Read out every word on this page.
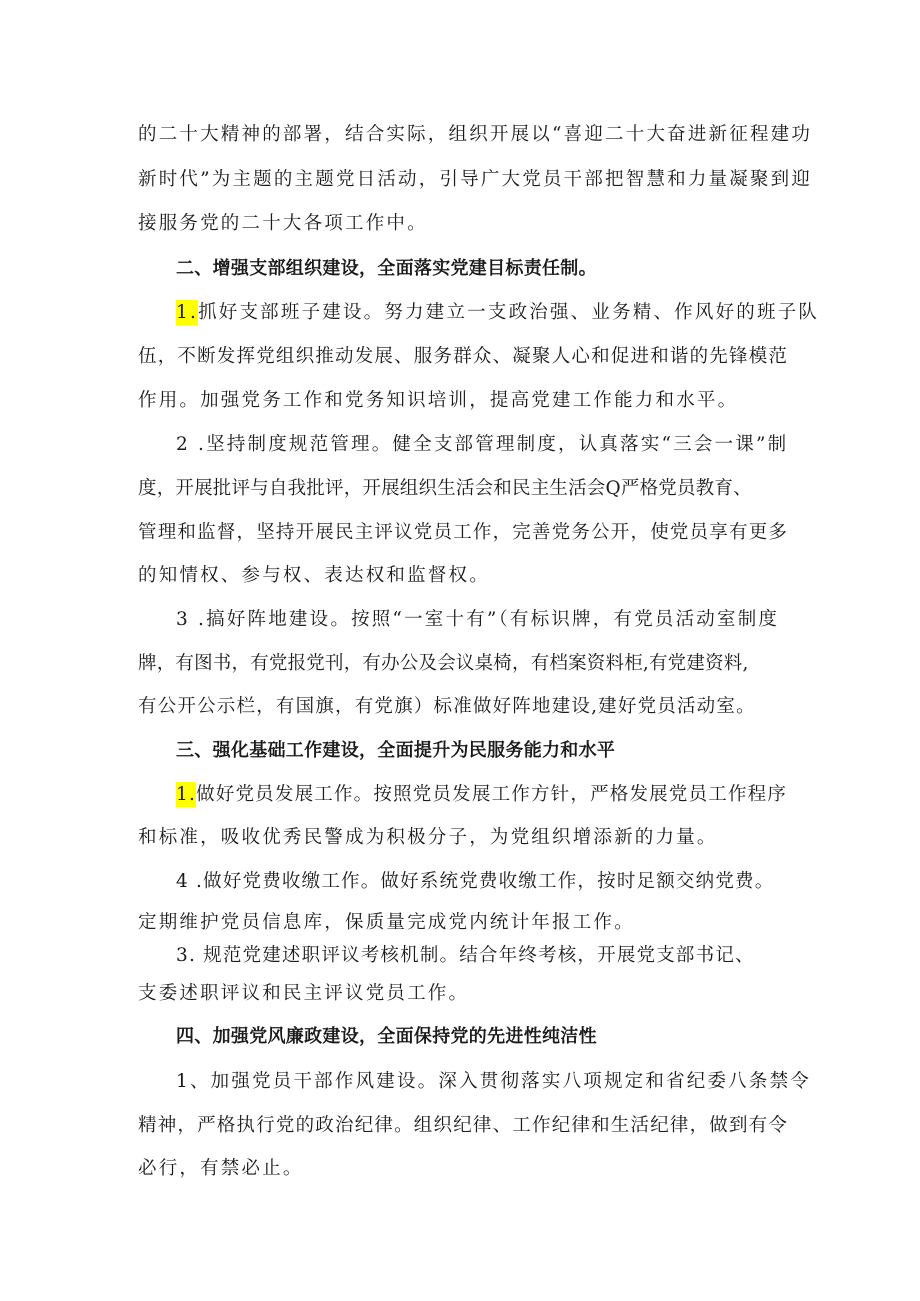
的二十大精神的部署，结合实际，组织开展以“喜迎二十大奋进新征程建功

新时代”为主题的主题党日活动，引导广大党员干部把智慧和力量凝聚到迎

接服务党的二十大各项工作中。

二、增强支部组织建设，全面落实党建目标责任制。

1.抓好支部班子建设。努力建立一支政治强、业务精、作风好的班子队

伍，不断发挥党组织推动发展、服务群众、凝聚人心和促进和谐的先锋模范

作用。加强党务工作和党务知识培训，提高党建工作能力和水平。

2 .坚持制度规范管理。健全支部管理制度，认真落实“三会一课”制

度，开展批评与自我批评，开展组织生活会和民主生活会Q严格党员教育、

管理和监督，坚持开展民主评议党员工作，完善党务公开，使党员享有更多

的知情权、参与权、表达权和监督权。

3 .搞好阵地建设。按照“一室十有”（有标识牌，有党员活动室制度

牌，有图书，有党报党刊，有办公及会议桌椅，有档案资料柜,有党建资料,

有公开公示栏，有国旗，有党旗）标准做好阵地建设,建好党员活动室。

三、强化基础工作建设，全面提升为民服务能力和水平

1.做好党员发展工作。按照党员发展工作方针，严格发展党员工作程序

和标准，吸收优秀民警成为积极分子，为党组织增添新的力量。

4 .做好党费收缴工作。做好系统党费收缴工作，按时足额交纳党费。

定期维护党员信息库，保质量完成党内统计年报工作。

3. 规范党建述职评议考核机制。结合年终考核，开展党支部书记、

支委述职评议和民主评议党员工作。

四、加强党风廉政建设，全面保持党的先进性纯洁性

1、加强党员干部作风建设。深入贯彻落实八项规定和省纪委八条禁令

精神，严格执行党的政治纪律。组织纪律、工作纪律和生活纪律，做到有令

必行，有禁必止。
